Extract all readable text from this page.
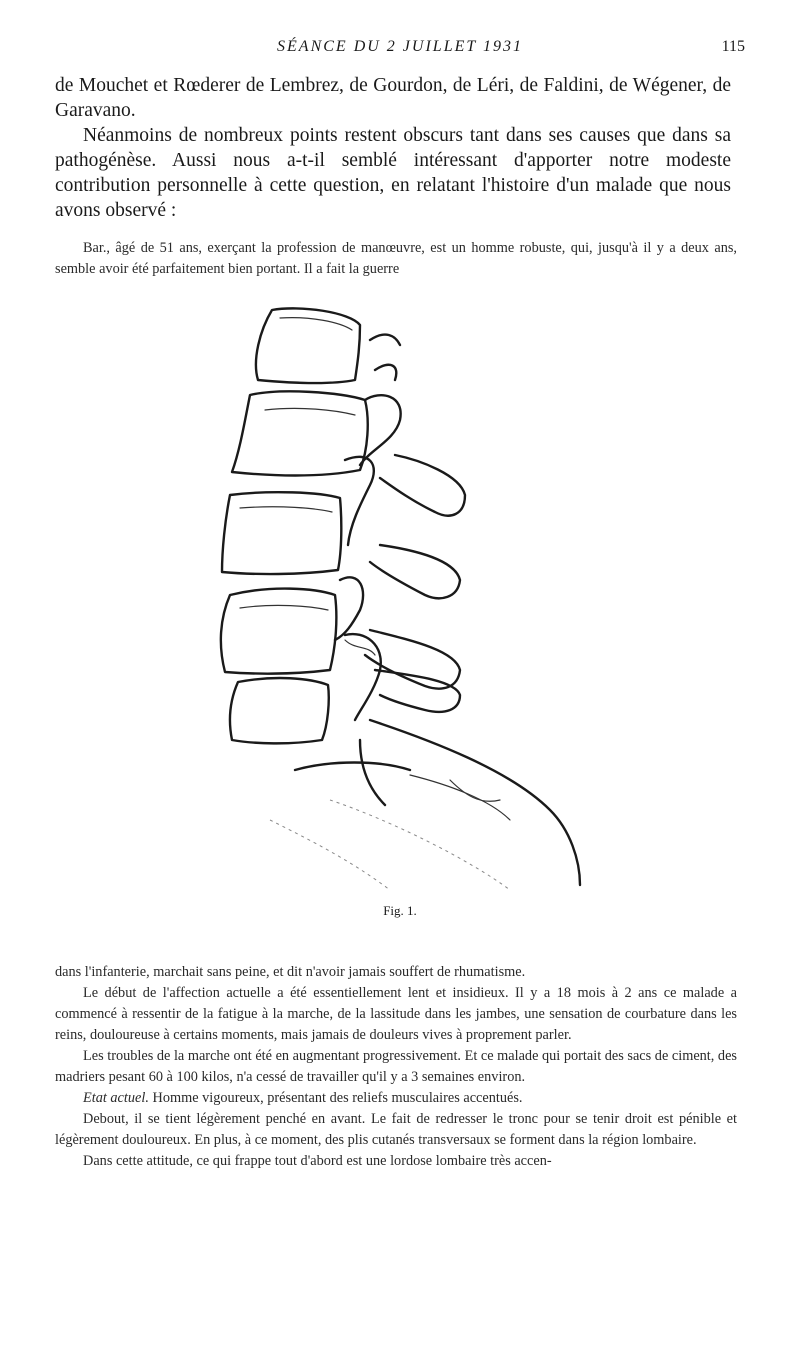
SÉANCE DU 2 JUILLET 1931	115

de Mouchet et Rœderer de Lembrez, de Gourdon, de Léri, de Faldini, de Wégener, de Garavano.

Néanmoins de nombreux points restent obscurs tant dans ses causes que dans sa pathogénèse. Aussi nous a-t-il semblé intéressant d'apporter notre modeste contribution personnelle à cette question, en relatant l'histoire d'un malade que nous avons observé :

Bar., âgé de 51 ans, exerçant la profession de manœuvre, est un homme robuste, qui, jusqu'à il y a deux ans, semble avoir été parfaitement bien portant. Il a fait la guerre

Fig. 1.

dans l'infanterie, marchait sans peine, et dit n'avoir jamais souffert de rhumatisme.

Le début de l'affection actuelle a été essentiellement lent et insidieux. Il y a 18 mois à 2 ans ce malade a commencé à ressentir de la fatigue à la marche, de la lassitude dans les jambes, une sensation de courbature dans les reins, douloureuse à certains moments, mais jamais de douleurs vives à proprement parler.

Les troubles de la marche ont été en augmentant progressivement. Et ce malade qui portait des sacs de ciment, des madriers pesant 60 à 100 kilos, n'a cessé de travailler qu'il y a 3 semaines environ.

Etat actuel. Homme vigoureux, présentant des reliefs musculaires accentués.

Debout, il se tient légèrement penché en avant. Le fait de redresser le tronc pour se tenir droit est pénible et légèrement douloureux. En plus, à ce moment, des plis cutanés transversaux se forment dans la région lombaire.

Dans cette attitude, ce qui frappe tout d'abord est une lordose lombaire très accen-
